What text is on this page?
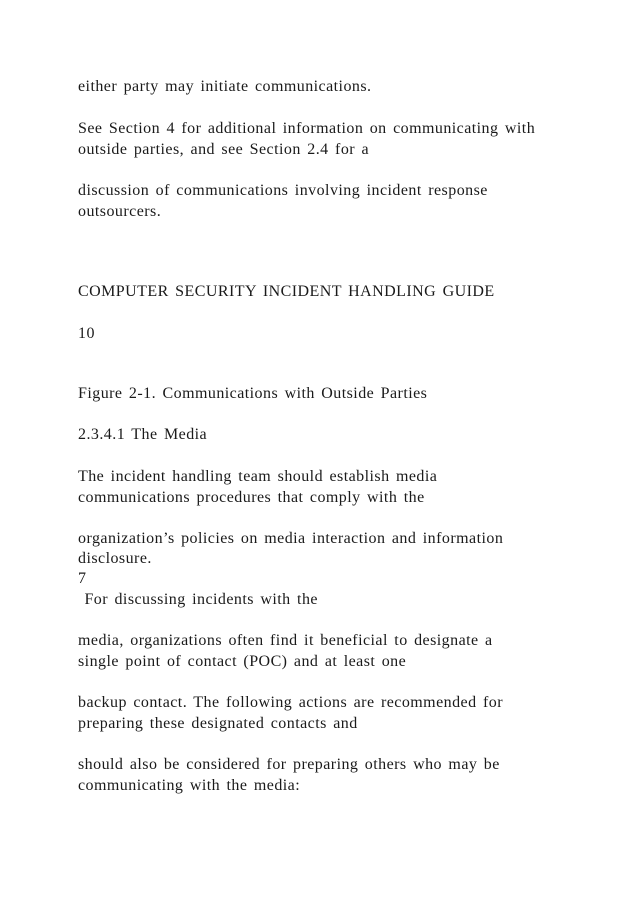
either party may initiate communications.
See Section 4 for additional information on communicating with
outside parties, and see Section 2.4 for a
discussion of communications involving incident response
outsourcers.
COMPUTER SECURITY INCIDENT HANDLING GUIDE
10
Figure 2-1. Communications with Outside Parties
2.3.4.1 The Media
The incident handling team should establish media
communications procedures that comply with the
organization’s policies on media interaction and information
disclosure.
7
For discussing incidents with the
media, organizations often find it beneficial to designate a
single point of contact (POC) and at least one
backup contact. The following actions are recommended for
preparing these designated contacts and
should also be considered for preparing others who may be
communicating with the media:
